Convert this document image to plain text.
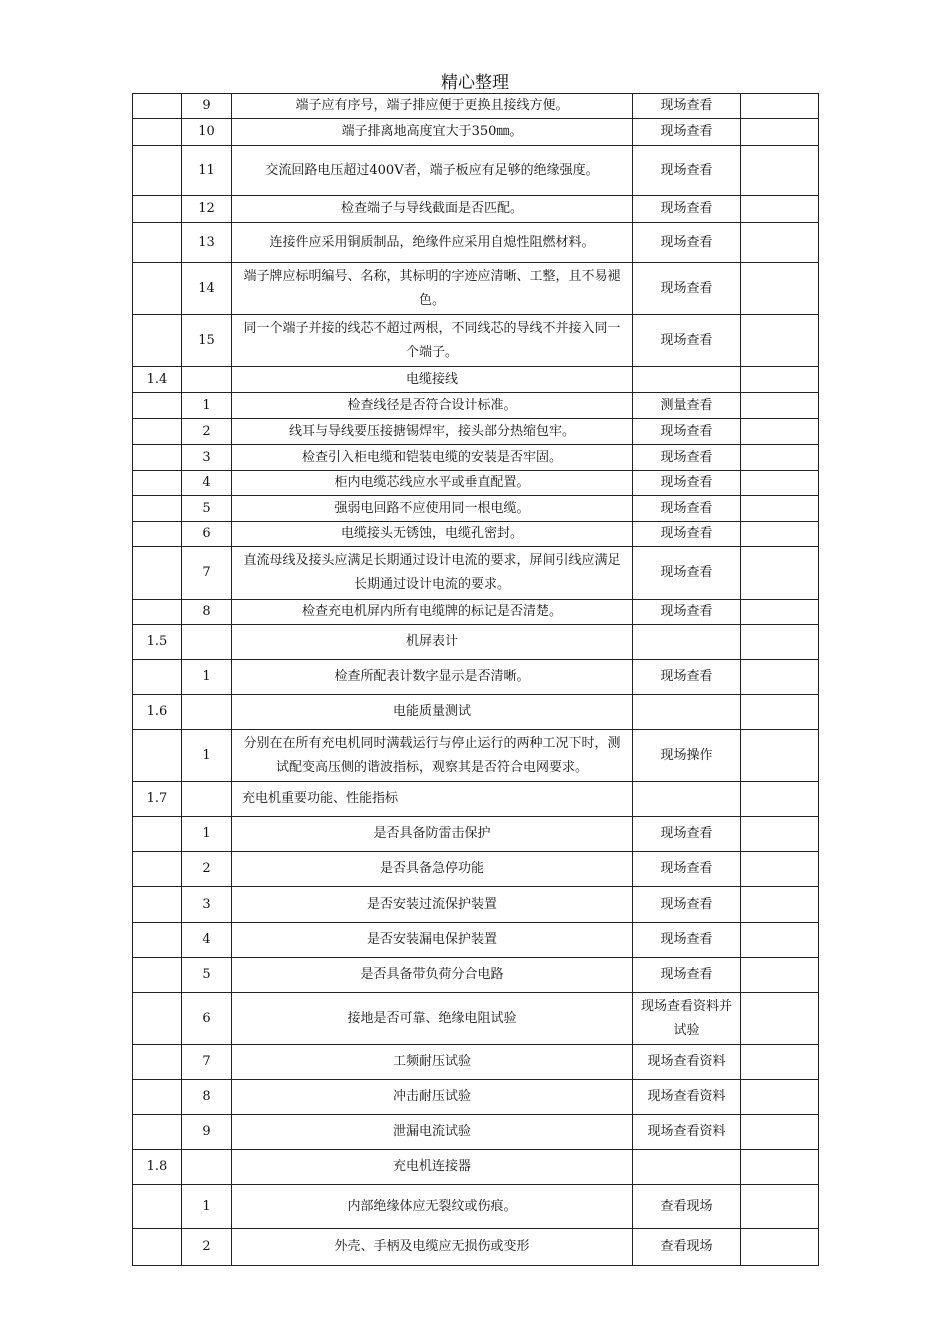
精心整理
	9	端子应有序号，端子排应便于更换且接线方便。	现场查看	
	10	端子排离地高度宜大于350㎜。	现场查看	
	11	交流回路电压超过400V者，端子板应有足够的绝缘强度。	现场查看	
	12	检查端子与导线截面是否匹配。	现场查看	
	13	连接件应采用铜质制品，绝缘件应采用自熄性阻燃材料。	现场查看	
	14	端子牌应标明编号、名称，其标明的字迹应清晰、工整，且不易褪色。	现场查看	
	15	同一个端子并接的线芯不超过两根，不同线芯的导线不并接入同一个端子。	现场查看	
1.4		电缆接线		
	1	检查线径是否符合设计标准。	测量查看	
	2	线耳与导线要压接搪锡焊牢，接头部分热缩包牢。	现场查看	
	3	检查引入柜电缆和铠装电缆的安装是否牢固。	现场查看	
	4	柜内电缆芯线应水平或垂直配置。	现场查看	
	5	强弱电回路不应使用同一根电缆。	现场查看	
	6	电缆接头无锈蚀，电缆孔密封。	现场查看	
	7	直流母线及接头应满足长期通过设计电流的要求，屏间引线应满足长期通过设计电流的要求。	现场查看	
	8	检查充电机屏内所有电缆牌的标记是否清楚。	现场查看	
1.5		机屏表计		
	1	检查所配表计数字显示是否清晰。	现场查看	
1.6		电能质量测试		
	1	分别在在所有充电机同时满载运行与停止运行的两种工况下时，测试配变高压侧的谐波指标，观察其是否符合电网要求。	现场操作	
1.7		充电机重要功能、性能指标		
	1	是否具备防雷击保护	现场查看	
	2	是否具备急停功能	现场查看	
	3	是否安装过流保护装置	现场查看	
	4	是否安装漏电保护装置	现场查看	
	5	是否具备带负荷分合电路	现场查看	
	6	接地是否可靠、绝缘电阻试验	现场查看资料并试验	
	7	工频耐压试验	现场查看资料	
	8	冲击耐压试验	现场查看资料	
	9	泄漏电流试验	现场查看资料	
1.8		充电机连接器		
	1	内部绝缘体应无裂纹或伤痕。	查看现场	
	2	外壳、手柄及电缆应无损伤或变形	查看现场	
